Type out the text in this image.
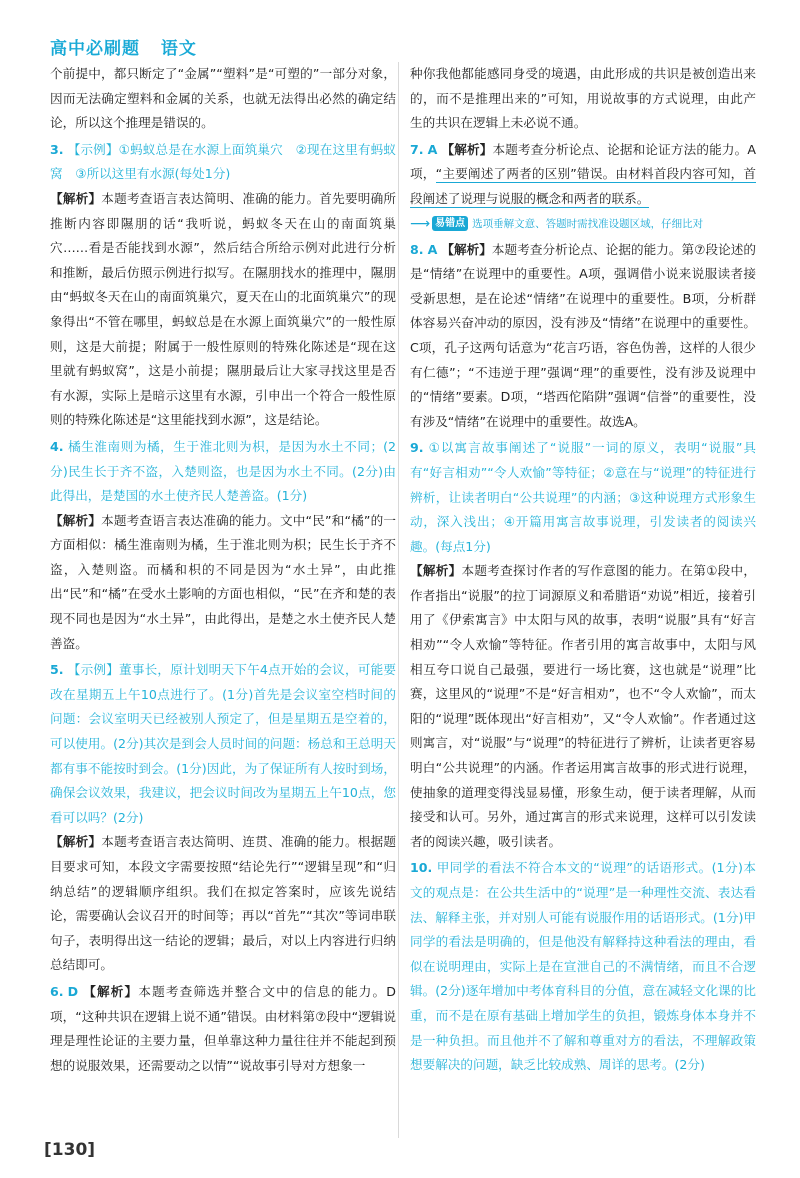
高中必刷题 语文

个前提中，都只断定了“金属”“塑料”是“可塑的”一部分对象，因而无法确定塑料和金属的关系，也就无法得出必然的确定结论，所以这个推理是错误的。

3. 【示例】①蚂蚁总是在水源上面筑巢穴　②现在这里有蚂蚁窝　③所以这里有水源(每处1分)

【解析】本题考查语言表达简明、准确的能力。首先要明确所推断内容即隰朋的话“我听说，蚂蚁冬天在山的南面筑巢穴……看是否能找到水源”，然后结合所给示例对此进行分析和推断，最后仿照示例进行拟写。在隰朋找水的推理中，隰朋由“蚂蚁冬天在山的南面筑巢穴，夏天在山的北面筑巢穴”的现象得出“不管在哪里，蚂蚁总是在水源上面筑巢穴”的一般性原则，这是大前提；附属于一般性原则的特殊化陈述是“现在这里就有蚂蚁窝”，这是小前提；隰朋最后让大家寻找这里是否有水源，实际上是暗示这里有水源，引申出一个符合一般性原则的特殊化陈述是“这里能找到水源”，这是结论。

4. 橘生淮南则为橘，生于淮北则为枳，是因为水土不同；(2分)民生长于齐不盗，入楚则盗，也是因为水土不同。(2分)由此得出，是楚国的水土使齐民人楚善盗。(1分)

【解析】本题考查语言表达准确的能力。文中“民”和“橘”的一方面相似：橘生淮南则为橘，生于淮北则为枳；民生长于齐不盗，入楚则盗。而橘和枳的不同是因为“水土异”，由此推出“民”和“橘”在受水土影响的方面也相似，“民”在齐和楚的表现不同也是因为“水土异”，由此得出，是楚之水土使齐民人楚善盗。

5. 【示例】董事长，原计划明天下午4点开始的会议，可能要改在星期五上午10点进行了。(1分)首先是会议室空档时间的问题：会议室明天已经被别人预定了，但是星期五是空着的，可以使用。(2分)其次是到会人员时间的问题：杨总和王总明天都有事不能按时到会。(1分)因此，为了保证所有人按时到场，确保会议效果，我建议，把会议时间改为星期五上午10点，您看可以吗？(2分)

【解析】本题考查语言表达简明、连贯、准确的能力。根据题目要求可知，本段文字需要按照“结论先行”“逻辑呈现”和“归纳总结”的逻辑顺序组织。我们在拟定答案时，应该先说结论，需要确认会议召开的时间等；再以“首先”“其次”等词串联句子，表明得出这一结论的逻辑；最后，对以上内容进行归纳总结即可。

6. D 【解析】本题考查筛选并整合文中的信息的能力。D项，“这种共识在逻辑上说不通”错误。由材料第⑦段中“逻辑说理是理性论证的主要力量，但单靠这种力量往往并不能起到预想的说服效果，还需要动之以情”“说故事引导对方想象一

种你我他都能感同身受的境遇，由此形成的共识是被创造出来的，而不是推理出来的”可知，用说故事的方式说理，由此产生的共识在逻辑上未必说不通。

7. A 【解析】本题考查分析论点、论据和论证方法的能力。A项，“主要阐述了两者的区别”错误。由材料首段内容可知，首段阐述了说理与说服的概念和两者的联系。

⟶ 易错点 选项垂解文意、答题时需找准设题区域，仔细比对

8. A 【解析】本题考查分析论点、论据的能力。第⑦段论述的是“情绪”在说理中的重要性。A项，强调借小说来说服读者接受新思想，是在论述“情绪”在说理中的重要性。B项，分析群体容易兴奋冲动的原因，没有涉及“情绪”在说理中的重要性。C项，孔子这两句话意为“花言巧语，容色伪善，这样的人很少有仁德”；“不违逆于理”强调“理”的重要性，没有涉及说理中的“情绪”要素。D项，“塔西佗陷阱”强调“信誉”的重要性，没有涉及“情绪”在说理中的重要性。故选A。

9. ①以寓言故事阐述了“说服”一词的原义，表明“说服”具有“好言相劝”“令人欢愉”等特征；②意在与“说理”的特征进行辨析，让读者明白“公共说理”的内涵；③这种说理方式形象生动，深入浅出；④开篇用寓言故事说理，引发读者的阅读兴趣。(每点1分)

【解析】本题考查探讨作者的写作意图的能力。在第①段中，作者指出“说服”的拉丁词源原义和希腊语“劝说”相近，接着引用了《伊索寓言》中太阳与风的故事，表明“说服”具有“好言相劝”“令人欢愉”等特征。作者引用的寓言故事中，太阳与风相互夸口说自己最强，要进行一场比赛，这也就是“说理”比赛，这里风的“说理”不是“好言相劝”，也不“令人欢愉”，而太阳的“说理”既体现出“好言相劝”，又“令人欢愉”。作者通过这则寓言，对“说服”与“说理”的特征进行了辨析，让读者更容易明白“公共说理”的内涵。作者运用寓言故事的形式进行说理，使抽象的道理变得浅显易懂，形象生动，便于读者理解，从而接受和认可。另外，通过寓言的形式来说理，这样可以引发读者的阅读兴趣，吸引读者。

10. 甲同学的看法不符合本文的“说理”的话语形式。(1分)本文的观点是：在公共生活中的“说理”是一种理性交流、表达看法、解释主张，并对别人可能有说服作用的话语形式。(1分)甲同学的看法是明确的，但是他没有解释持这种看法的理由，看似在说明理由，实际上是在宣泄自己的不满情绪，而且不合逻辑。(2分)逐年增加中考体育科目的分值，意在减轻文化课的比重，而不是在原有基础上增加学生的负担，锻炼身体本身并不是一种负担。而且他并不了解和尊重对方的看法，不理解政策想要解决的问题，缺乏比较成熟、周详的思考。(2分)

[130]
